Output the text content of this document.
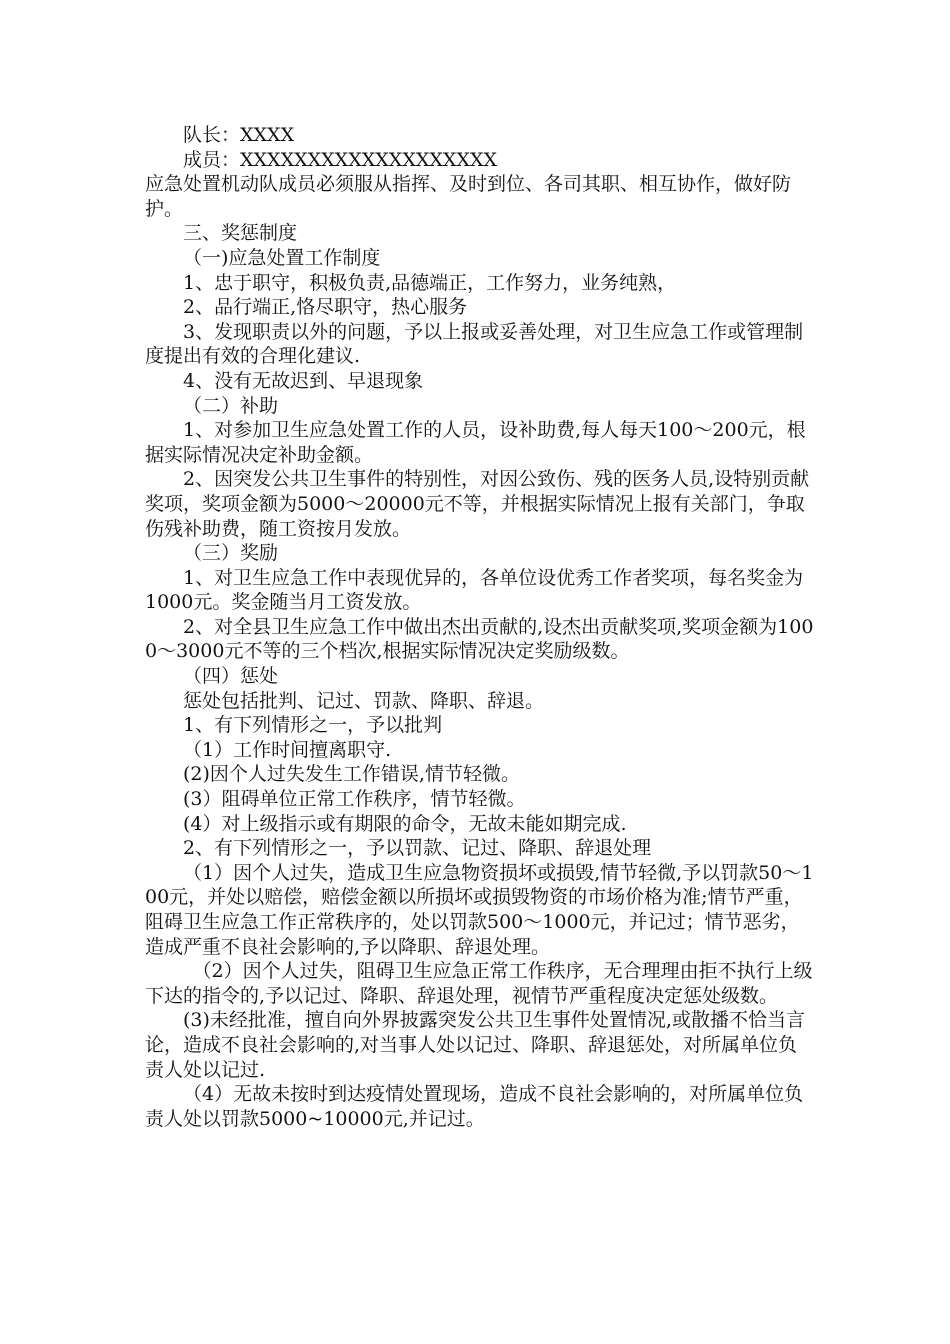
队长：XXXX

成员：XXXXXXXXXXXXXXXXXXX

应急处置机动队成员必须服从指挥、及时到位、各司其职、相互协作，做好防护。

三、奖惩制度

（一)应急处置工作制度

1、忠于职守，积极负责,品德端正，工作努力，业务纯熟，

2、品行端正,恪尽职守，热心服务

3、发现职责以外的问题，予以上报或妥善处理，对卫生应急工作或管理制度提出有效的合理化建议.

4、没有无故迟到、早退现象

（二）补助

1、对参加卫生应急处置工作的人员，设补助费,每人每天100～200元，根据实际情况决定补助金额。

2、因突发公共卫生事件的特别性，对因公致伤、残的医务人员,设特别贡献奖项，奖项金额为5000～20000元不等，并根据实际情况上报有关部门，争取伤残补助费，随工资按月发放。

（三）奖励

1、对卫生应急工作中表现优异的，各单位设优秀工作者奖项，每名奖金为1000元。奖金随当月工资发放。

2、对全县卫生应急工作中做出杰出贡献的,设杰出贡献奖项,奖项金额为1000～3000元不等的三个档次,根据实际情况决定奖励级数。

（四）惩处

惩处包括批判、记过、罚款、降职、辞退。

1、有下列情形之一，予以批判

（1）工作时间擅离职守.

(2)因个人过失发生工作错误,情节轻微。

(3）阻碍单位正常工作秩序，情节轻微。

(4）对上级指示或有期限的命令，无故未能如期完成.

2、有下列情形之一，予以罚款、记过、降职、辞退处理

（1）因个人过失，造成卫生应急物资损坏或损毁,情节轻微,予以罚款50～100元，并处以赔偿，赔偿金额以所损坏或损毁物资的市场价格为准;情节严重，阻碍卫生应急工作正常秩序的，处以罚款500～1000元，并记过；情节恶劣，造成严重不良社会影响的,予以降职、辞退处理。

（2）因个人过失，阻碍卫生应急正常工作秩序，无合理理由拒不执行上级下达的指令的,予以记过、降职、辞退处理，视情节严重程度决定惩处级数。

(3)未经批准，擅自向外界披露突发公共卫生事件处置情况,或散播不恰当言论，造成不良社会影响的,对当事人处以记过、降职、辞退惩处，对所属单位负责人处以记过.

（4）无故未按时到达疫情处置现场，造成不良社会影响的，对所属单位负责人处以罚款5000~10000元,并记过。
